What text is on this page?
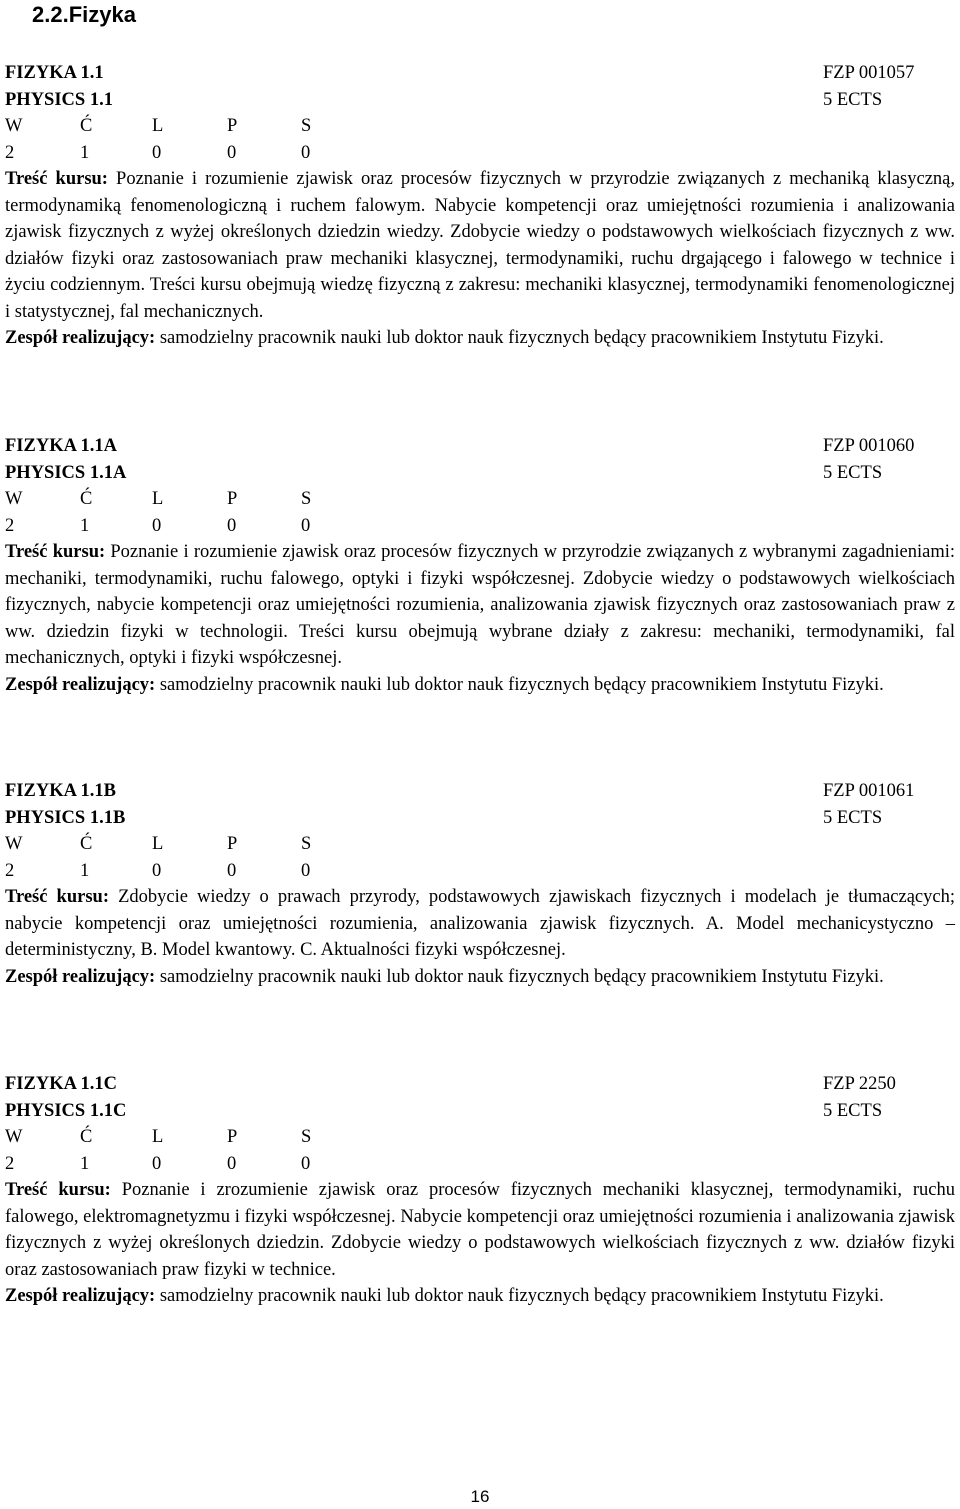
2.2.Fizyka
FIZYKA 1.1	FZP 001057
PHYSICS 1.1	5 ECTS
W	Ć	L	P	S
2	1	0	0	0

Treść kursu: Poznanie i rozumienie zjawisk oraz procesów fizycznych w przyrodzie związanych z mechaniką klasyczną, termodynamiką fenomenologiczną i ruchem falowym. Nabycie kompetencji oraz umiejętności rozumienia i analizowania zjawisk fizycznych z wyżej określonych dziedzin wiedzy. Zdobycie wiedzy o podstawowych wielkościach fizycznych z ww. działów fizyki oraz zastosowaniach praw mechaniki klasycznej, termodynamiki, ruchu drgającego i falowego w technice i życiu codziennym. Treści kursu obejmują wiedzę fizyczną z zakresu: mechaniki klasycznej, termodynamiki fenomenologicznej i statystycznej, fal mechanicznych.

Zespół realizujący: samodzielny pracownik nauki lub doktor nauk fizycznych będący pracownikiem Instytutu Fizyki.

FIZYKA 1.1A	FZP 001060
PHYSICS 1.1A	5 ECTS
W	Ć	L	P	S
2	1	0	0	0

Treść kursu: Poznanie i rozumienie zjawisk oraz procesów fizycznych w przyrodzie związanych z wybranymi zagadnieniami: mechaniki, termodynamiki, ruchu falowego, optyki i fizyki współczesnej. Zdobycie wiedzy o podstawowych wielkościach fizycznych, nabycie kompetencji oraz umiejętności rozumienia, analizowania zjawisk fizycznych oraz zastosowaniach praw z ww. dziedzin fizyki w technologii. Treści kursu obejmują wybrane działy z zakresu: mechaniki, termodynamiki, fal mechanicznych, optyki i fizyki współczesnej.

Zespół realizujący: samodzielny pracownik nauki lub doktor nauk fizycznych będący pracownikiem Instytutu Fizyki.

FIZYKA 1.1B	FZP 001061
PHYSICS 1.1B	5 ECTS
W	Ć	L	P	S
2	1	0	0	0

Treść kursu: Zdobycie wiedzy o prawach przyrody, podstawowych zjawiskach fizycznych i modelach je tłumaczących; nabycie kompetencji oraz umiejętności rozumienia, analizowania zjawisk fizycznych. A. Model mechanicystyczno – deterministyczny, B. Model kwantowy. C. Aktualności fizyki współczesnej.

Zespół realizujący: samodzielny pracownik nauki lub doktor nauk fizycznych będący pracownikiem Instytutu Fizyki.

FIZYKA 1.1C	FZP 2250
PHYSICS 1.1C	5 ECTS
W	Ć	L	P	S
2	1	0	0	0

Treść kursu: Poznanie i zrozumienie zjawisk oraz procesów fizycznych mechaniki klasycznej, termodynamiki, ruchu falowego, elektromagnetyzmu i fizyki współczesnej. Nabycie kompetencji oraz umiejętności rozumienia i analizowania zjawisk fizycznych z wyżej określonych dziedzin. Zdobycie wiedzy o podstawowych wielkościach fizycznych z ww. działów fizyki oraz zastosowaniach praw fizyki w technice.

Zespół realizujący: samodzielny pracownik nauki lub doktor nauk fizycznych będący pracownikiem Instytutu Fizyki.

16
